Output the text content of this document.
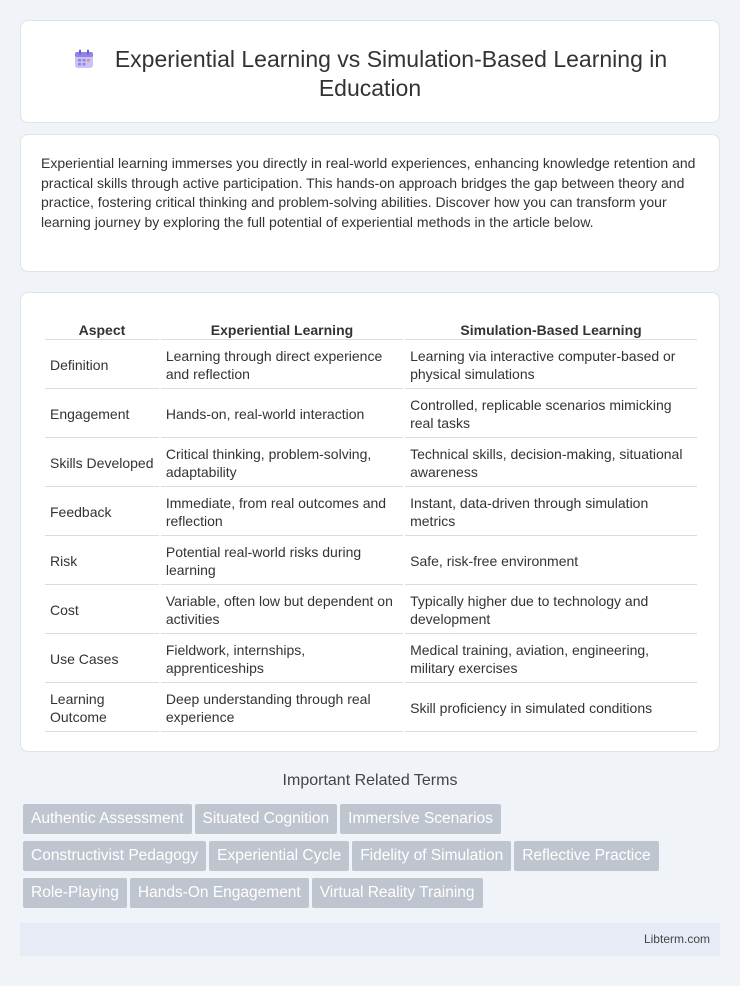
Experiential Learning vs Simulation-Based Learning in Education

Experiential learning immerses you directly in real-world experiences, enhancing knowledge retention and practical skills through active participation. This hands-on approach bridges the gap between theory and practice, fostering critical thinking and problem-solving abilities. Discover how you can transform your learning journey by exploring the full potential of experiential methods in the article below.

Aspect	Experiential Learning	Simulation-Based Learning
Definition	Learning through direct experience and reflection	Learning via interactive computer-based or physical simulations
Engagement	Hands-on, real-world interaction	Controlled, replicable scenarios mimicking real tasks
Skills Developed	Critical thinking, problem-solving, adaptability	Technical skills, decision-making, situational awareness
Feedback	Immediate, from real outcomes and reflection	Instant, data-driven through simulation metrics
Risk	Potential real-world risks during learning	Safe, risk-free environment
Cost	Variable, often low but dependent on activities	Typically higher due to technology and development
Use Cases	Fieldwork, internships, apprenticeships	Medical training, aviation, engineering, military exercises
Learning Outcome	Deep understanding through real experience	Skill proficiency in simulated conditions
Important Related Terms
Authentic Assessment Situated Cognition Immersive Scenarios
Constructivist Pedagogy Experiential Cycle Fidelity of Simulation Reflective Practice
Role-Playing Hands-On Engagement Virtual Reality Training
Libterm.com
